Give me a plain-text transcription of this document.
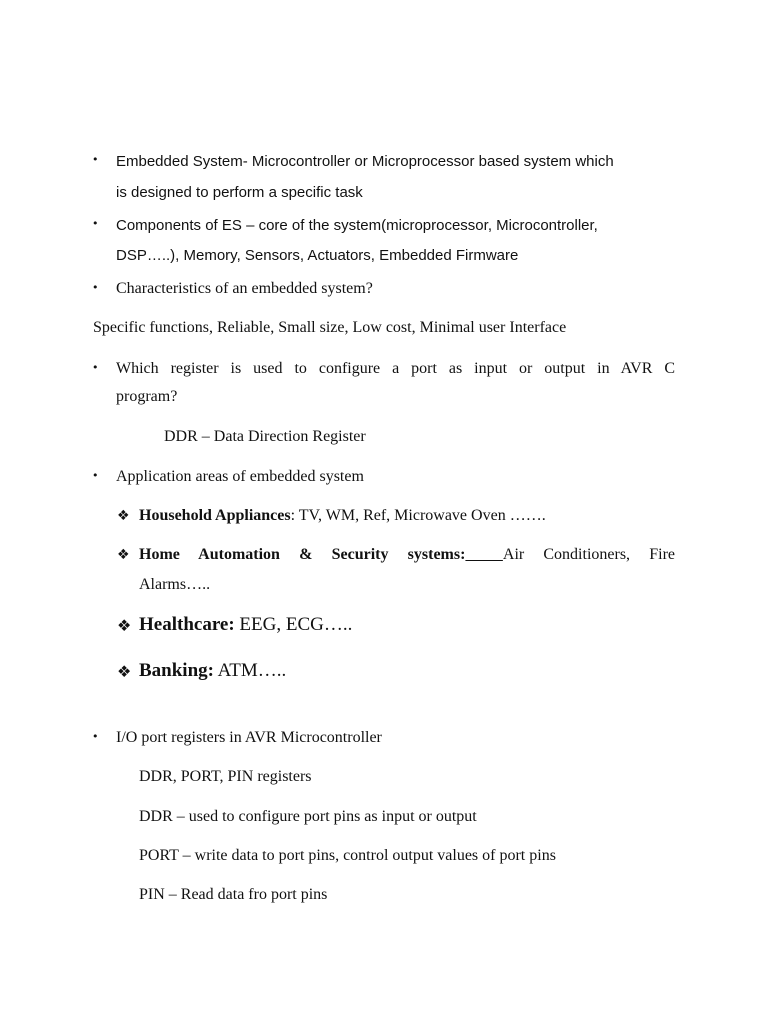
• Embedded System- Microcontroller or Microprocessor based system which
is designed to perform a specific task
• Components of ES – core of the system(microprocessor, Microcontroller,
DSP…..), Memory, Sensors, Actuators, Embedded Firmware
• Characteristics of an embedded system?
Specific functions, Reliable, Small size, Low cost, Minimal user Interface
• Which register is used to configure a port as input or output in AVR C
program?
DDR – Data Direction Register
• Application areas of embedded system
❖ Household Appliances: TV, WM, Ref, Microwave Oven …….
❖ Home Automation & Security systems: Air Conditioners, Fire
Alarms…..
❖ Healthcare: EEG, ECG…..
❖ Banking: ATM…..
• I/O port registers in AVR Microcontroller
DDR, PORT, PIN registers
DDR – used to configure port pins as input or output
PORT – write data to port pins, control output values of port pins
PIN – Read data fro port pins
